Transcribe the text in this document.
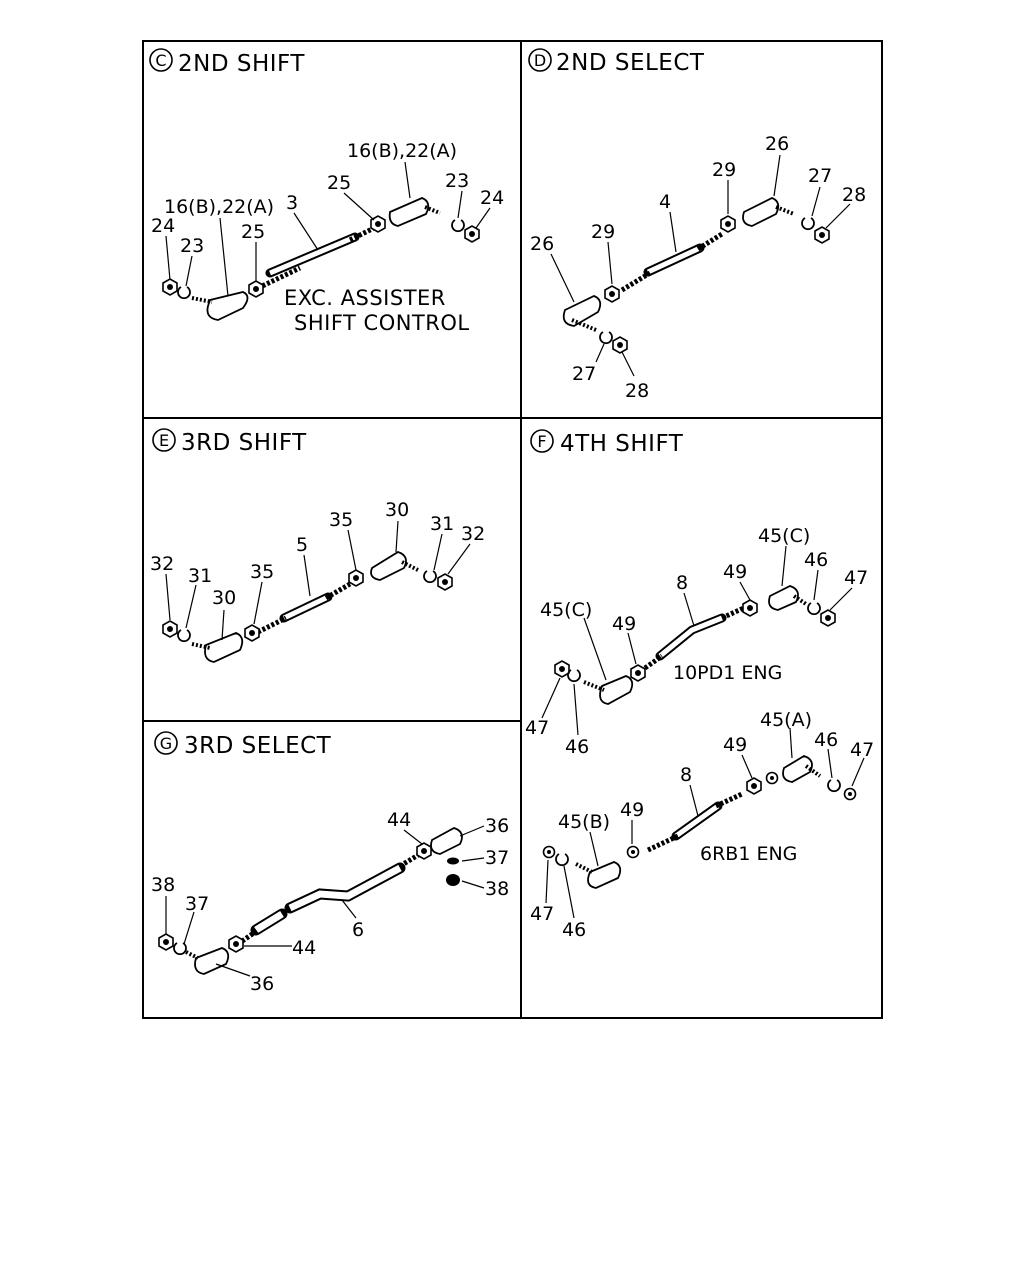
C 2ND SHIFT
16(B),22(A)
16(B),22(A) 3
25	23
24
24
23
25
EXC. ASSISTER
SHIFT CONTROL
D 2ND SELECT
26
29
4
29
26
27
28
27
28
E 3RD SHIFT
32
31
30
35
5
35 30
31 32
F 4TH SHIFT
45(C)
49
8 49
45(C)
46
47
47
46
10PD1 ENG
45(B)
49
8
49
45(A)
46 47
47
46
6RB1 ENG
G 3RD SELECT
38
37
6
44
36
44	36
37
38
